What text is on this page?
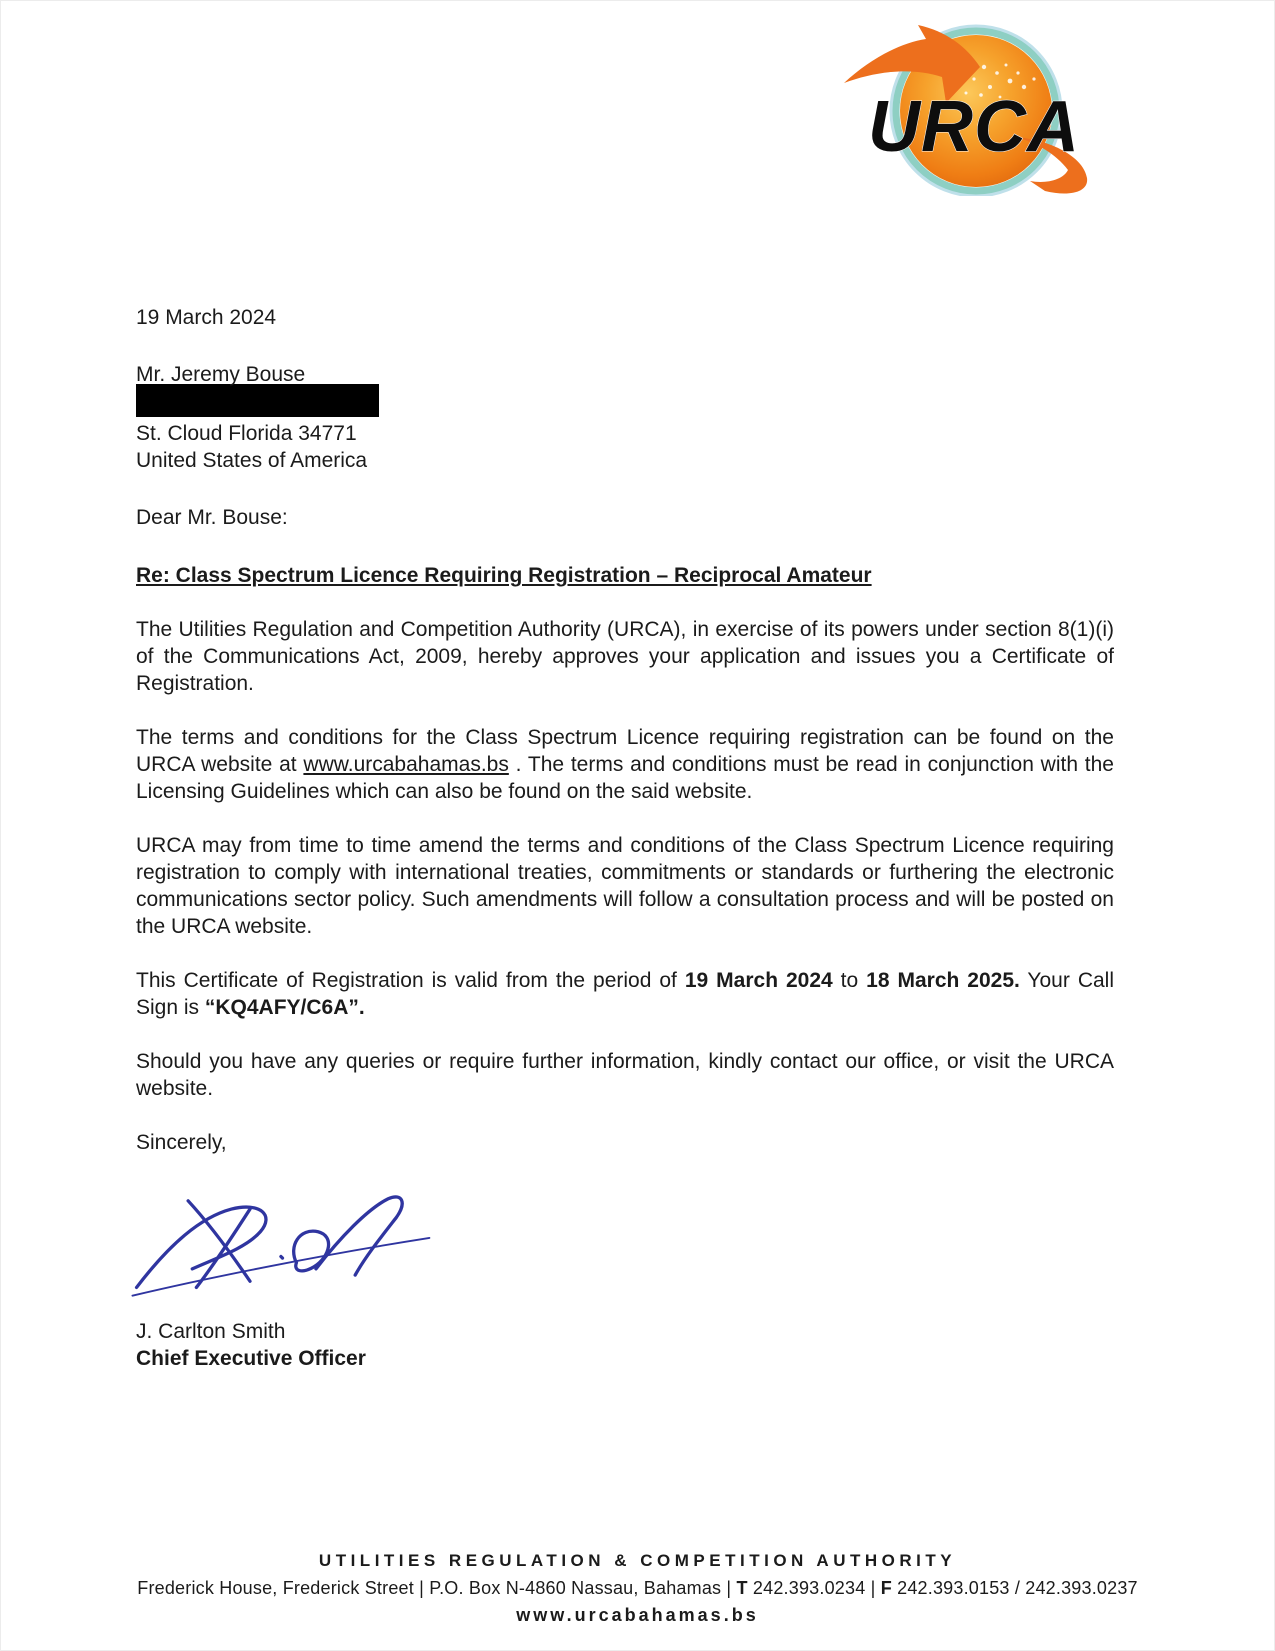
URCA
19 March 2024
Mr. Jeremy Bouse
St. Cloud Florida 34771
United States of America
Dear Mr. Bouse:
Re: Class Spectrum Licence Requiring Registration – Reciprocal Amateur

The Utilities Regulation and Competition Authority (URCA), in exercise of its powers under section 8(1)(i) of the Communications Act, 2009, hereby approves your application and issues you a Certificate of Registration.

The terms and conditions for the Class Spectrum Licence requiring registration can be found on the URCA website at www.urcabahamas.bs . The terms and conditions must be read in conjunction with the Licensing Guidelines which can also be found on the said website.

URCA may from time to time amend the terms and conditions of the Class Spectrum Licence requiring registration to comply with international treaties, commitments or standards or furthering the electronic communications sector policy. Such amendments will follow a consultation process and will be posted on the URCA website.

This Certificate of Registration is valid from the period of 19 March 2024 to 18 March 2025. Your Call Sign is “KQ4AFY/C6A”.

Should you have any queries or require further information, kindly contact our office, or visit the URCA website.

Sincerely,
J. Carlton Smith
Chief Executive Officer
UTILITIES REGULATION & COMPETITION AUTHORITY
Frederick House, Frederick Street | P.O. Box N-4860 Nassau, Bahamas | T 242.393.0234 | F 242.393.0153 / 242.393.0237
www.urcabahamas.bs
